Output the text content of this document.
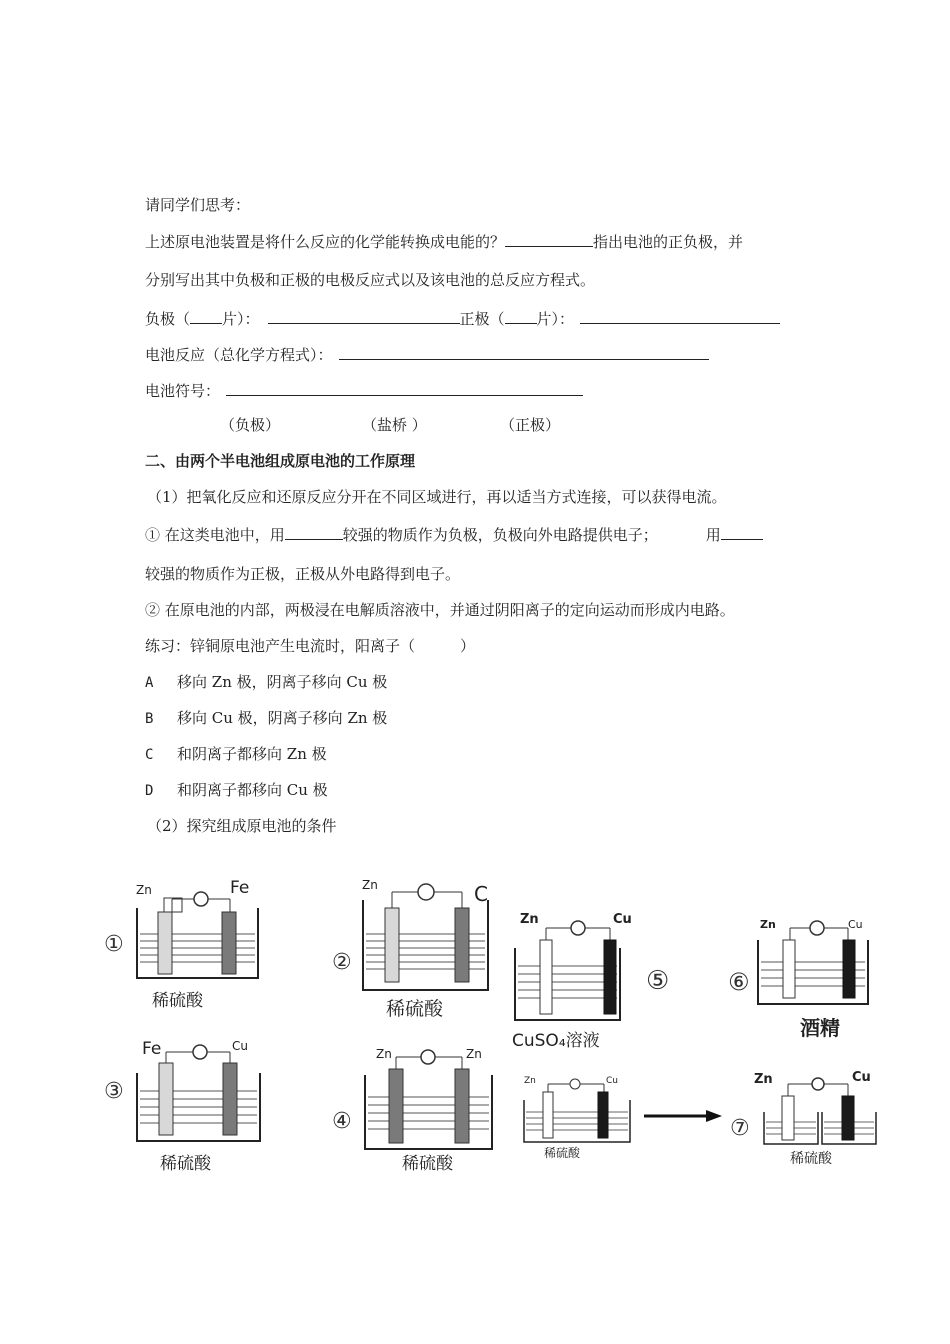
请同学们思考：
上述原电池装置是将什么反应的化学能转换成电能的？	指出电池的正负极，并
分别写出其中负极和正极的电极反应式以及该电池的总反应方程式。
负极（ 片）：	正极（ 片）：
电池反应（总化学方程式）：
电池符号：
（负极）	（盐桥 ）	（正极）
二、由两个半电池组成原电池的工作原理
（1）把氧化反应和还原反应分开在不同区域进行，再以适当方式连接，可以获得电流。
① 在这类电池中，用	较强的物质作为负极，负极向外电路提供电子；	用
较强的物质作为正极，正极从外电路得到电子。
② 在原电池的内部，两极浸在电解质溶液中，并通过阴阳离子的定向运动而形成内电路。
练习：锌铜原电池产生电流时，阳离子（　　　）
A 移向 Zn 极，阴离子移向 Cu 极
B 移向 Cu 极，阴离子移向 Zn 极
C 和阴离子都移向 Zn 极
D 和阴离子都移向 Cu 极
（2）探究组成原电池的条件
①
Zn	Fe
稀硫酸
②
Zn	C
稀硫酸
Zn	Cu
⑤
CuSO₄溶液
⑥
Zn	Cu
酒精
③
Fe	Cu
稀硫酸
④
Zn	Zn
稀硫酸
Zn	Cu
稀硫酸
⑦
Zn	Cu
稀硫酸
